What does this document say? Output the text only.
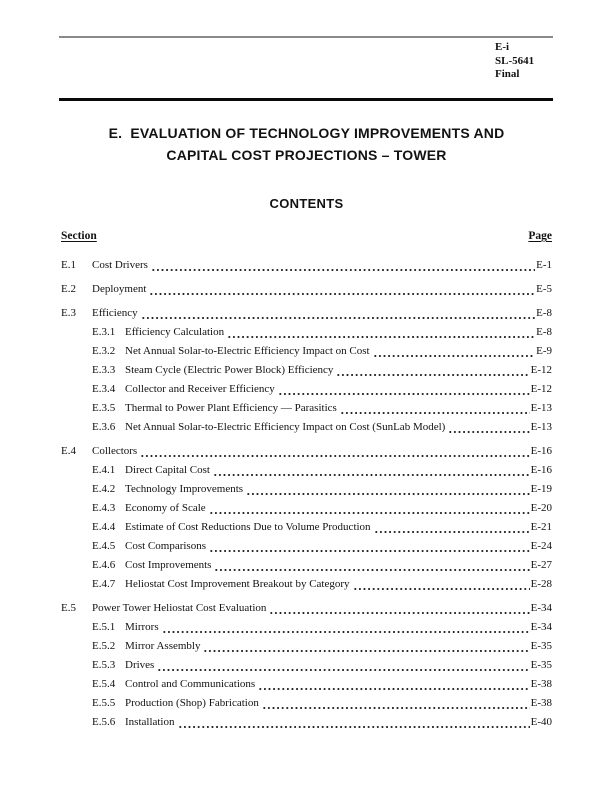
E-i
SL-5641
Final
E.  EVALUATION OF TECHNOLOGY IMPROVEMENTS AND
CAPITAL COST PROJECTIONS – TOWER
CONTENTS
Section	Page
E.1	Cost Drivers	E-1
E.2	Deployment	E-5
E.3	Efficiency	E-8
E.3.1 Efficiency Calculation	E-8
E.3.2 Net Annual Solar-to-Electric Efficiency Impact on Cost	E-9
E.3.3 Steam Cycle (Electric Power Block) Efficiency	E-12
E.3.4 Collector and Receiver Efficiency	E-12
E.3.5 Thermal to Power Plant Efficiency — Parasitics	E-13
E.3.6 Net Annual Solar-to-Electric Efficiency Impact on Cost (SunLab Model)	E-13
E.4	Collectors	E-16
E.4.1 Direct Capital Cost	E-16
E.4.2 Technology Improvements	E-19
E.4.3 Economy of Scale	E-20
E.4.4 Estimate of Cost Reductions Due to Volume Production	E-21
E.4.5 Cost Comparisons	E-24
E.4.6 Cost Improvements	E-27
E.4.7 Heliostat Cost Improvement Breakout by Category	E-28
E.5	Power Tower Heliostat Cost Evaluation	E-34
E.5.1 Mirrors	E-34
E.5.2 Mirror Assembly	E-35
E.5.3 Drives	E-35
E.5.4 Control and Communications	E-38
E.5.5 Production (Shop) Fabrication	E-38
E.5.6 Installation	E-40
